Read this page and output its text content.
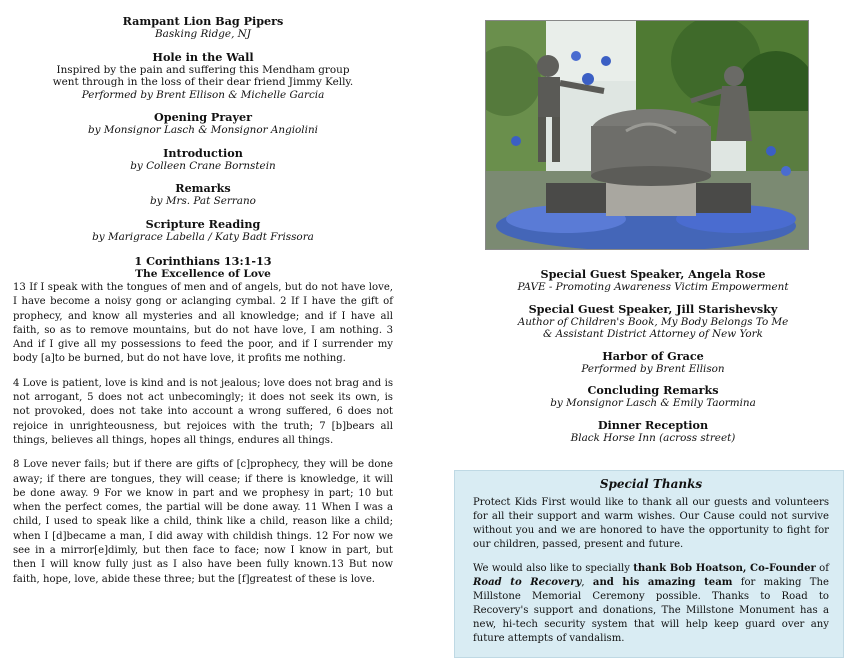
Rampant Lion Bag Pipers
Basking Ridge, NJ
Hole in the Wall
Inspired by the pain and suffering this Mendham group
went through in the loss of their dear friend Jimmy Kelly.
Performed by Brent Ellison & Michelle Garcia
Opening Prayer
by Monsignor Lasch & Monsignor Angiolini
Introduction
by Colleen Crane Bornstein
Remarks
by Mrs. Pat Serrano
Scripture Reading
by Marigrace Labella / Katy Badt Frissora
1 Corinthians 13:1-13
The Excellence of Love

13 If I speak with the tongues of men and of angels, but do not have love, I have become a noisy gong or aclanging cymbal. 2 If I have the gift of prophecy, and know all mysteries and all knowledge; and if I have all faith, so as to remove mountains, but do not have love, I am nothing. 3 And if I give all my possessions to feed the poor, and if I surrender my body [a]to be burned, but do not have love, it profits me nothing.

4 Love is patient, love is kind and is not jealous; love does not brag and is not arrogant, 5 does not act unbecomingly; it does not seek its own, is not provoked, does not take into account a wrong suffered, 6 does not rejoice in unrighteousness, but rejoices with the truth; 7 [b]bears all things, believes all things, hopes all things, endures all things.

8 Love never fails; but if there are gifts of [c]prophecy, they will be done away; if there are tongues, they will cease; if there is knowledge, it will be done away. 9 For we know in part and we prophesy in part; 10 but when the perfect comes, the partial will be done away. 11 When I was a child, I used to speak like a child, think like a child, reason like a child; when I [d]became a man, I did away with childish things. 12 For now we see in a mirror[e]dimly, but then face to face; now I know in part, but then I will know fully just as I also have been fully known.13 But now faith, hope, love, abide these three; but the [f]greatest of these is love.

Special Guest Speaker, Angela Rose
PAVE - Promoting Awareness Victim Empowerment
Special Guest Speaker, Jill Starishevsky
Author of Children's Book, My Body Belongs To Me
& Assistant District Attorney of New York
Harbor of Grace
Performed by Brent Ellison
Concluding Remarks
by Monsignor Lasch & Emily Taormina
Dinner Reception
Black Horse Inn (across street)
Special Thanks

Protect Kids First would like to thank all our guests and volunteers for all their support and warm wishes. Our Cause could not survive without you and we are honored to have the opportunity to fight for our children, passed, present and future.

We would also like to specially thank Bob Hoatson, Co-Founder of Road to Recovery, and his amazing team for making The Millstone Memorial Ceremony possible. Thanks to Road to Recovery's support and donations, The Millstone Monument has a new, hi-tech security system that will help keep guard over any future attempts of vandalism.
